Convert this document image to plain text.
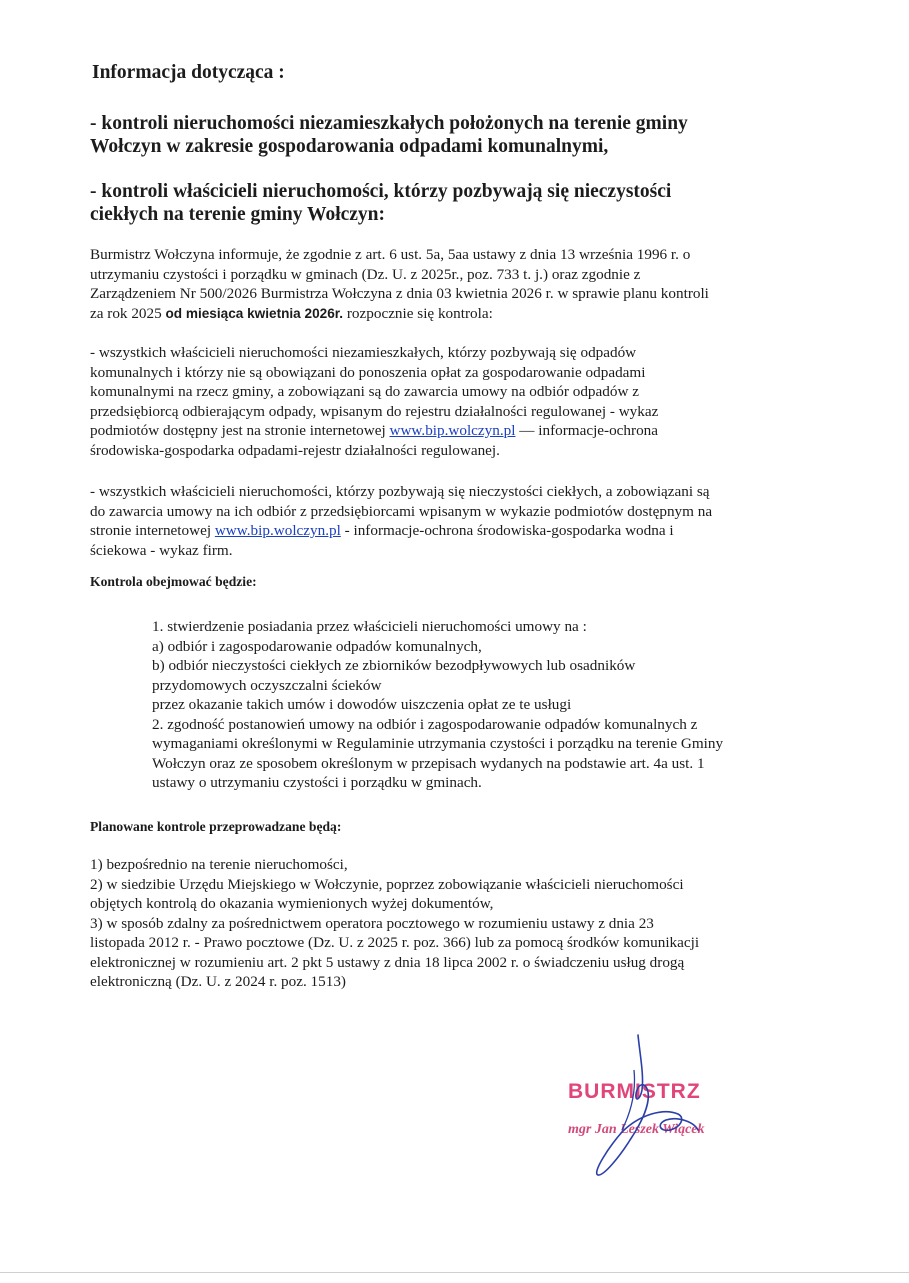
Informacja dotycząca :
- kontroli nieruchomości niezamieszkałych położonych na terenie gminy
Wołczyn w zakresie gospodarowania odpadami komunalnymi,
- kontroli właścicieli nieruchomości, którzy pozbywają się nieczystości
ciekłych na terenie gminy Wołczyn:
Burmistrz Wołczyna informuje, że zgodnie z art. 6 ust. 5a, 5aa ustawy z dnia 13 września 1996 r. o
utrzymaniu czystości i porządku w gminach (Dz. U. z 2025r., poz. 733 t. j.) oraz zgodnie z
Zarządzeniem Nr 500/2026 Burmistrza Wołczyna z dnia 03 kwietnia 2026 r. w sprawie planu kontroli
za rok 2025 od miesiąca kwietnia 2026r. rozpocznie się kontrola:
- wszystkich właścicieli nieruchomości niezamieszkałych, którzy pozbywają się odpadów
komunalnych i którzy nie są obowiązani do ponoszenia opłat za gospodarowanie odpadami
komunalnymi na rzecz gminy, a zobowiązani są do zawarcia umowy na odbiór odpadów z
przedsiębiorcą odbierającym odpady, wpisanym do rejestru działalności regulowanej - wykaz
podmiotów dostępny jest na stronie internetowej www.bip.wolczyn.pl — informacje-ochrona
środowiska-gospodarka odpadami-rejestr działalności regulowanej.
- wszystkich właścicieli nieruchomości, którzy pozbywają się nieczystości ciekłych, a zobowiązani są
do zawarcia umowy na ich odbiór z przedsiębiorcami wpisanym w wykazie podmiotów dostępnym na
stronie internetowej www.bip.wolczyn.pl - informacje-ochrona środowiska-gospodarka wodna i
ściekowa - wykaz firm.
Kontrola obejmować będzie:
1. stwierdzenie posiadania przez właścicieli nieruchomości umowy na :
a) odbiór i zagospodarowanie odpadów komunalnych,
b) odbiór nieczystości ciekłych ze zbiorników bezodpływowych lub osadników
przydomowych oczyszczalni ścieków
przez okazanie takich umów i dowodów uiszczenia opłat ze te usługi
2. zgodność postanowień umowy na odbiór i zagospodarowanie odpadów komunalnych z
wymaganiami określonymi w Regulaminie utrzymania czystości i porządku na terenie Gminy
Wołczyn oraz ze sposobem określonym w przepisach wydanych na podstawie art. 4a ust. 1
ustawy o utrzymaniu czystości i porządku w gminach.
Planowane kontrole przeprowadzane będą:
1) bezpośrednio na terenie nieruchomości,
2) w siedzibie Urzędu Miejskiego w Wołczynie, poprzez zobowiązanie właścicieli nieruchomości
objętych kontrolą do okazania wymienionych wyżej dokumentów,
3) w sposób zdalny za pośrednictwem operatora pocztowego w rozumieniu ustawy z dnia 23
listopada 2012 r. - Prawo pocztowe (Dz. U. z 2025 r. poz. 366) lub za pomocą środków komunikacji
elektronicznej w rozumieniu art. 2 pkt 5 ustawy z dnia 18 lipca 2002 r. o świadczeniu usług drogą
elektroniczną (Dz. U. z 2024 r. poz. 1513)
BURMISTRZ
mgr Jan Leszek Wiącek
